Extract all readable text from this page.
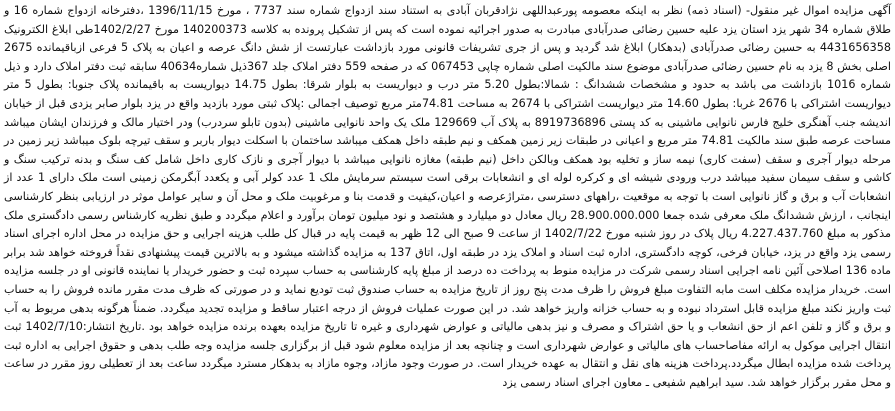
آگهی مزایده اموال غیر منقول- (اسناد ذمه) نظر به اینکه معصومه پورعبداللهی نژادقربان آبادی به استناد سند ازدواج شماره سند 7737 ، مورخ 1396/11/15 ،دفترخانه ازدواج شماره 16 و طلاق شماره 34 شهر یزد استان یزد علیه حسین رضائی صدرآبادی مبادرت به صدور اجرائیه نموده است که پس از تشکیل پرونده به کلاسه 140200373 مورخ 1402/2/27طی ابلاغ الکترونیک 4431656358 به حسین رضائی صدرآبادی (بدهکار) ابلاغ شد گردید و پس از جری تشریفات قانونی مورد بازداشت عبارتست از شش دانگ عرصه و اعیان به پلاک 5 فرعی ازباقیمانده 2675 اصلی بخش 8 یزد به نام حسین رضائی صدرآبادی موضوع سند مالکیت اصلی شماره چاپی 067453 که در صفحه 559 دفتر املاک جلد 367ذیل شماره40634 سابقه ثبت دفتر املاک دارد و ذیل شماره 1016 بازداشت می باشد به حدود و مشخصات ششدانگ : شمالا:بطول 5.20 متر درب و دیواریست به بلوار شرقا: بطول 14.75 دیواریست به باقیمانده پلاک جنوبا: بطول 5 متر دیواریست اشتراکی با 2676 غربا: بطول 14.60 متر دیواریست اشتراکی با 2674 به مساحت 74.81متر مربع توصیف اجمالی :پلاک ثبتی مورد بازدید واقع در یزد بلوار صابر یزدی قبل از خیابان اندیشه جنب آهنگری خلیج فارس نانوایی ماشینی به کد پستی 8919736896 به پلاک آب 129669 ملک یک واحد نانوایی ماشینی (بدون تابلو سردرب) ودر اختیار مالک و فرزندان ایشان میباشد مساحت عرصه طبق سند مالکیت 74.81 متر مربع و اعیانی در طبقات زیر زمین همکف و نیم طبقه داخل همکف میباشد ساختمان با اسکلت دیوار باربر و سقف تیرچه بلوک میباشد زیر زمین در مرحله دیوار آجری و سقف (سفت کاری) نیمه ساز و تخلیه بود همکف وبالکن داخل (نیم طبقه) مغازه نانوایی میباشد با دیوار آجری و نازک کاری داخل شامل کف سنگ و بدنه ترکیب سنگ و کاشی و سقف سیمان سفید میباشد درب ورودی شیشه ای و کرکره لوله ای و انشعابات برقی است سیستم سرمایش ملک 1 عدد کولر آبی و یکعدد آبگرمکن زمینی است ملک دارای 1 عدد از انشعابات آب و برق و گاز نانوایی است با توجه به موقعیت ،راههای دسترسی ،متراژعرصه و اعیان،کیفیت و قدمت بنا و مرغوبیت ملک و محل آن و سایر عوامل موثر در ارزیابی بنظر کارشناسی اینجانب ، ارزش ششدانگ ملک معرفی شده جمعا 28.900.000.000 ریال معادل دو میلیارد و هشتصد و نود میلیون تومان برآورد و اعلام میگردد و طبق نظریه کارشناس رسمی دادگستری ملک مذکور به مبلغ 4.227.437.760 ریال پلاک در روز شنبه مورخ 1402/7/22 از ساعت 9 صبح الی 12 ظهر به قیمت پایه در قبال کل طلب هزینه اجرایی و حق مزایده در محل اداره اجرای اسناد رسمی یزد واقع در یزد، خیابان فرخی، کوچه دادگستری، اداره ثبت اسناد و املاک یزد در طبقه اول، اتاق 137 به مزایده گذاشته میشود و به بالاترین قیمت پیشنهادی نقداً فروخته خواهد شد برابر ماده 136 اصلاحی آئین نامه اجرایی اسناد رسمی شرکت در مزایده منوط به پرداخت ده درصد از مبلغ پایه کارشناسی به حساب سپرده ثبت و حضور خریدار یا نماینده قانونی او در جلسه مزایده است. خریدار مزایده مکلف است مابه التفاوت مبلغ فروش را ظرف مدت پنج روز از تاریخ مزایده به حساب صندوق ثبت تودیع نماید و در صورتی که ظرف مدت مقرر مانده فروش را به حساب ثبت واریز نکند مبلغ مزایده قابل استرداد نبوده و به حساب خزانه واریز خواهد شد. در این صورت عملیات فروش از درجه اعتبار ساقط و مزایده تجدید میگردد. ضمناً هرگونه بدهی مربوط به آب و برق و گاز و تلفن اعم از حق انشعاب و یا حق اشتراک و مصرف و نیز بدهی مالیاتی و عوارض شهرداری و غیره تا تاریخ مزایده بعهده برنده مزایده خواهد بود .تاریخ انتشار:1402/7/10 ثبت انتقال اجرایی موکول به ارائه مفاصاحساب های مالیاتی و عوارض شهرداری است و چنانچه بعد از مزایده معلوم شود قبل از برگزاری جلسه مزایده وجه طلب بدهی و حقوق اجرایی به اداره ثبت پرداخت شده مزایده ابطال میگردد.پرداخت هزینه های نقل و انتقال به عهده خریدار است. در صورت وجود مازاد، وجوه مازاد به بدهکار مسترد میگردد ساعت بعد از تعطیلی روز مقرر در ساعت و محل مقرر برگزار خواهد شد. سید ابراهیم شفیعی ـ معاون اجرای اسناد رسمی یزد
